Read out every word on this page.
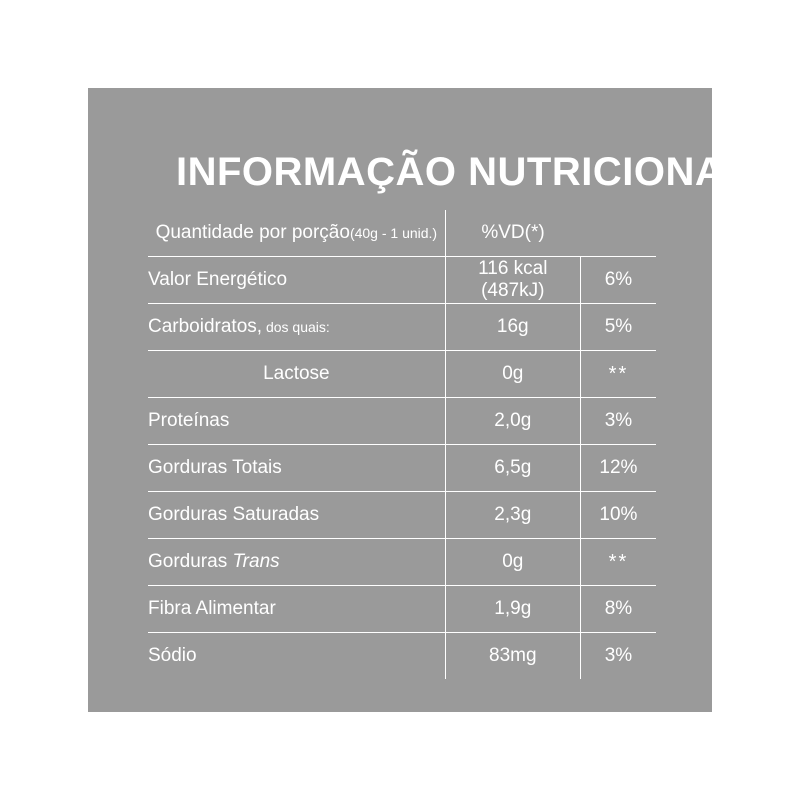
INFORMAÇÃO NUTRICIONAL
Quantidade por porção(40g - 1 unid.)	%VD(*)	
Valor Energético	116 kcal (487kJ)	6%
Carboidratos, dos quais:	16g	5%
Lactose	0g	**
Proteínas	2,0g	3%
Gorduras Totais	6,5g	12%
Gorduras Saturadas	2,3g	10%
Gorduras Trans	0g	**
Fibra Alimentar	1,9g	8%
Sódio	83mg	3%
